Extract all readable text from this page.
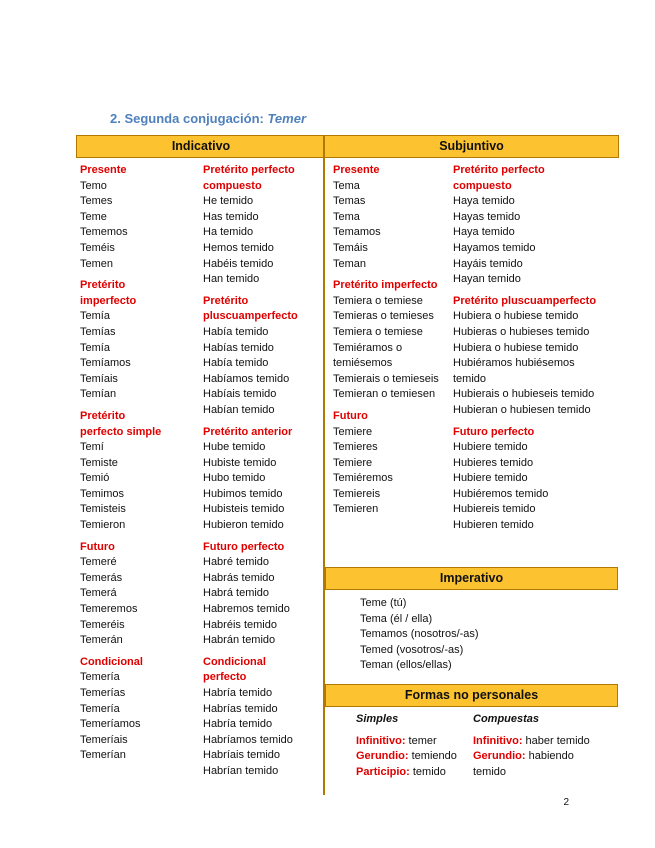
2. Segunda conjugación: Temer
Indicativo	Subjuntivo
Presente
Temo
Temes
Teme
Tememos
Teméis
Temen
Pretérito
imperfecto
Temía
Temías
Temía
Temíamos
Temíais
Temían
Pretérito
perfecto simple
Temí
Temiste
Temió
Temimos
Temisteis
Temieron
Futuro
Temeré
Temerás
Temerá
Temeremos
Temeréis
Temerán
Condicional
Temería
Temerías
Temería
Temeríamos
Temeríais
Temerían
Pretérito perfecto
compuesto
He temido
Has temido
Ha temido
Hemos temido
Habéis temido
Han temido
Pretérito
pluscuamperfecto
Había temido
Habías temido
Había temido
Habíamos temido
Habíais temido
Habían temido
Pretérito anterior
Hube temido
Hubiste temido
Hubo temido
Hubimos temido
Hubisteis temido
Hubieron temido
Futuro perfecto
Habré temido
Habrás temido
Habrá temido
Habremos temido
Habréis temido
Habrán temido
Condicional
perfecto
Habría temido
Habrías temido
Habría temido
Habríamos temido
Habríais temido
Habrían temido
Presente
Tema
Temas
Tema
Temamos
Temáis
Teman
Pretérito imperfecto
Temiera o temiese
Temieras o temieses
Temiera o temiese
Temiéramos o
temiésemos
Temierais o temieseis
Temieran o temiesen
Futuro
Temiere
Temieres
Temiere
Temiéremos
Temiereis
Temieren
Pretérito perfecto
compuesto
Haya temido
Hayas temido
Haya temido
Hayamos temido
Hayáis temido
Hayan temido
Pretérito pluscuamperfecto
Hubiera o hubiese temido
Hubieras o hubieses temido
Hubiera o hubiese temido
Hubiéramos hubiésemos
temido
Hubierais o hubieseis temido
Hubieran o hubiesen temido
Futuro perfecto
Hubiere temido
Hubieres temido
Hubiere temido
Hubiéremos temido
Hubiereis temido
Hubieren temido
Imperativo
Teme (tú)
Tema (él / ella)
Temamos (nosotros/-as)
Temed (vosotros/-as)
Teman (ellos/ellas)
Formas no personales
Simples
Infinitivo: temer
Gerundio: temiendo
Participio: temido
Compuestas
Infinitivo: haber temido
Gerundio: habiendo
temido
2
